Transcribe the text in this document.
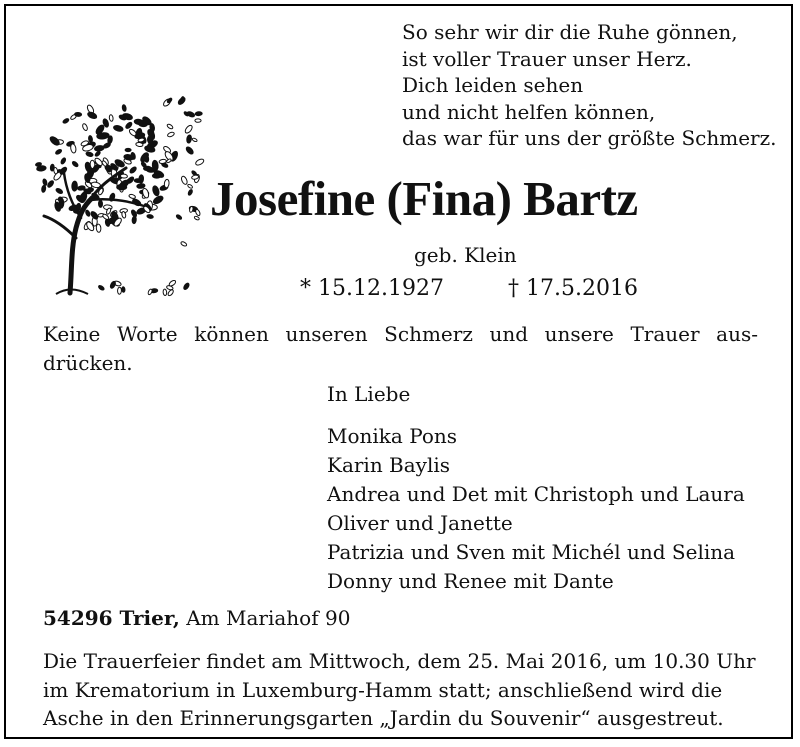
So sehr wir dir die Ruhe gönnen,
ist voller Trauer unser Herz.
Dich leiden sehen
und nicht helfen können,
das war für uns der größte Schmerz.
Josefine (Fina) Bartz
geb. Klein
* 15.12.1927	† 17.5.2016
Keine Worte können unseren Schmerz und unsere Trauer aus-
drücken.
In Liebe
Monika Pons
Karin Baylis
Andrea und Det mit Christoph und Laura
Oliver und Janette
Patrizia und Sven mit Michél und Selina
Donny und Renee mit Dante
54296 Trier, Am Mariahof 90
Die Trauerfeier findet am Mittwoch, dem 25. Mai 2016, um 10.30 Uhr
im Krematorium in Luxemburg-Hamm statt; anschließend wird die
Asche in den Erinnerungsgarten „Jardin du Souvenir“ ausgestreut.
